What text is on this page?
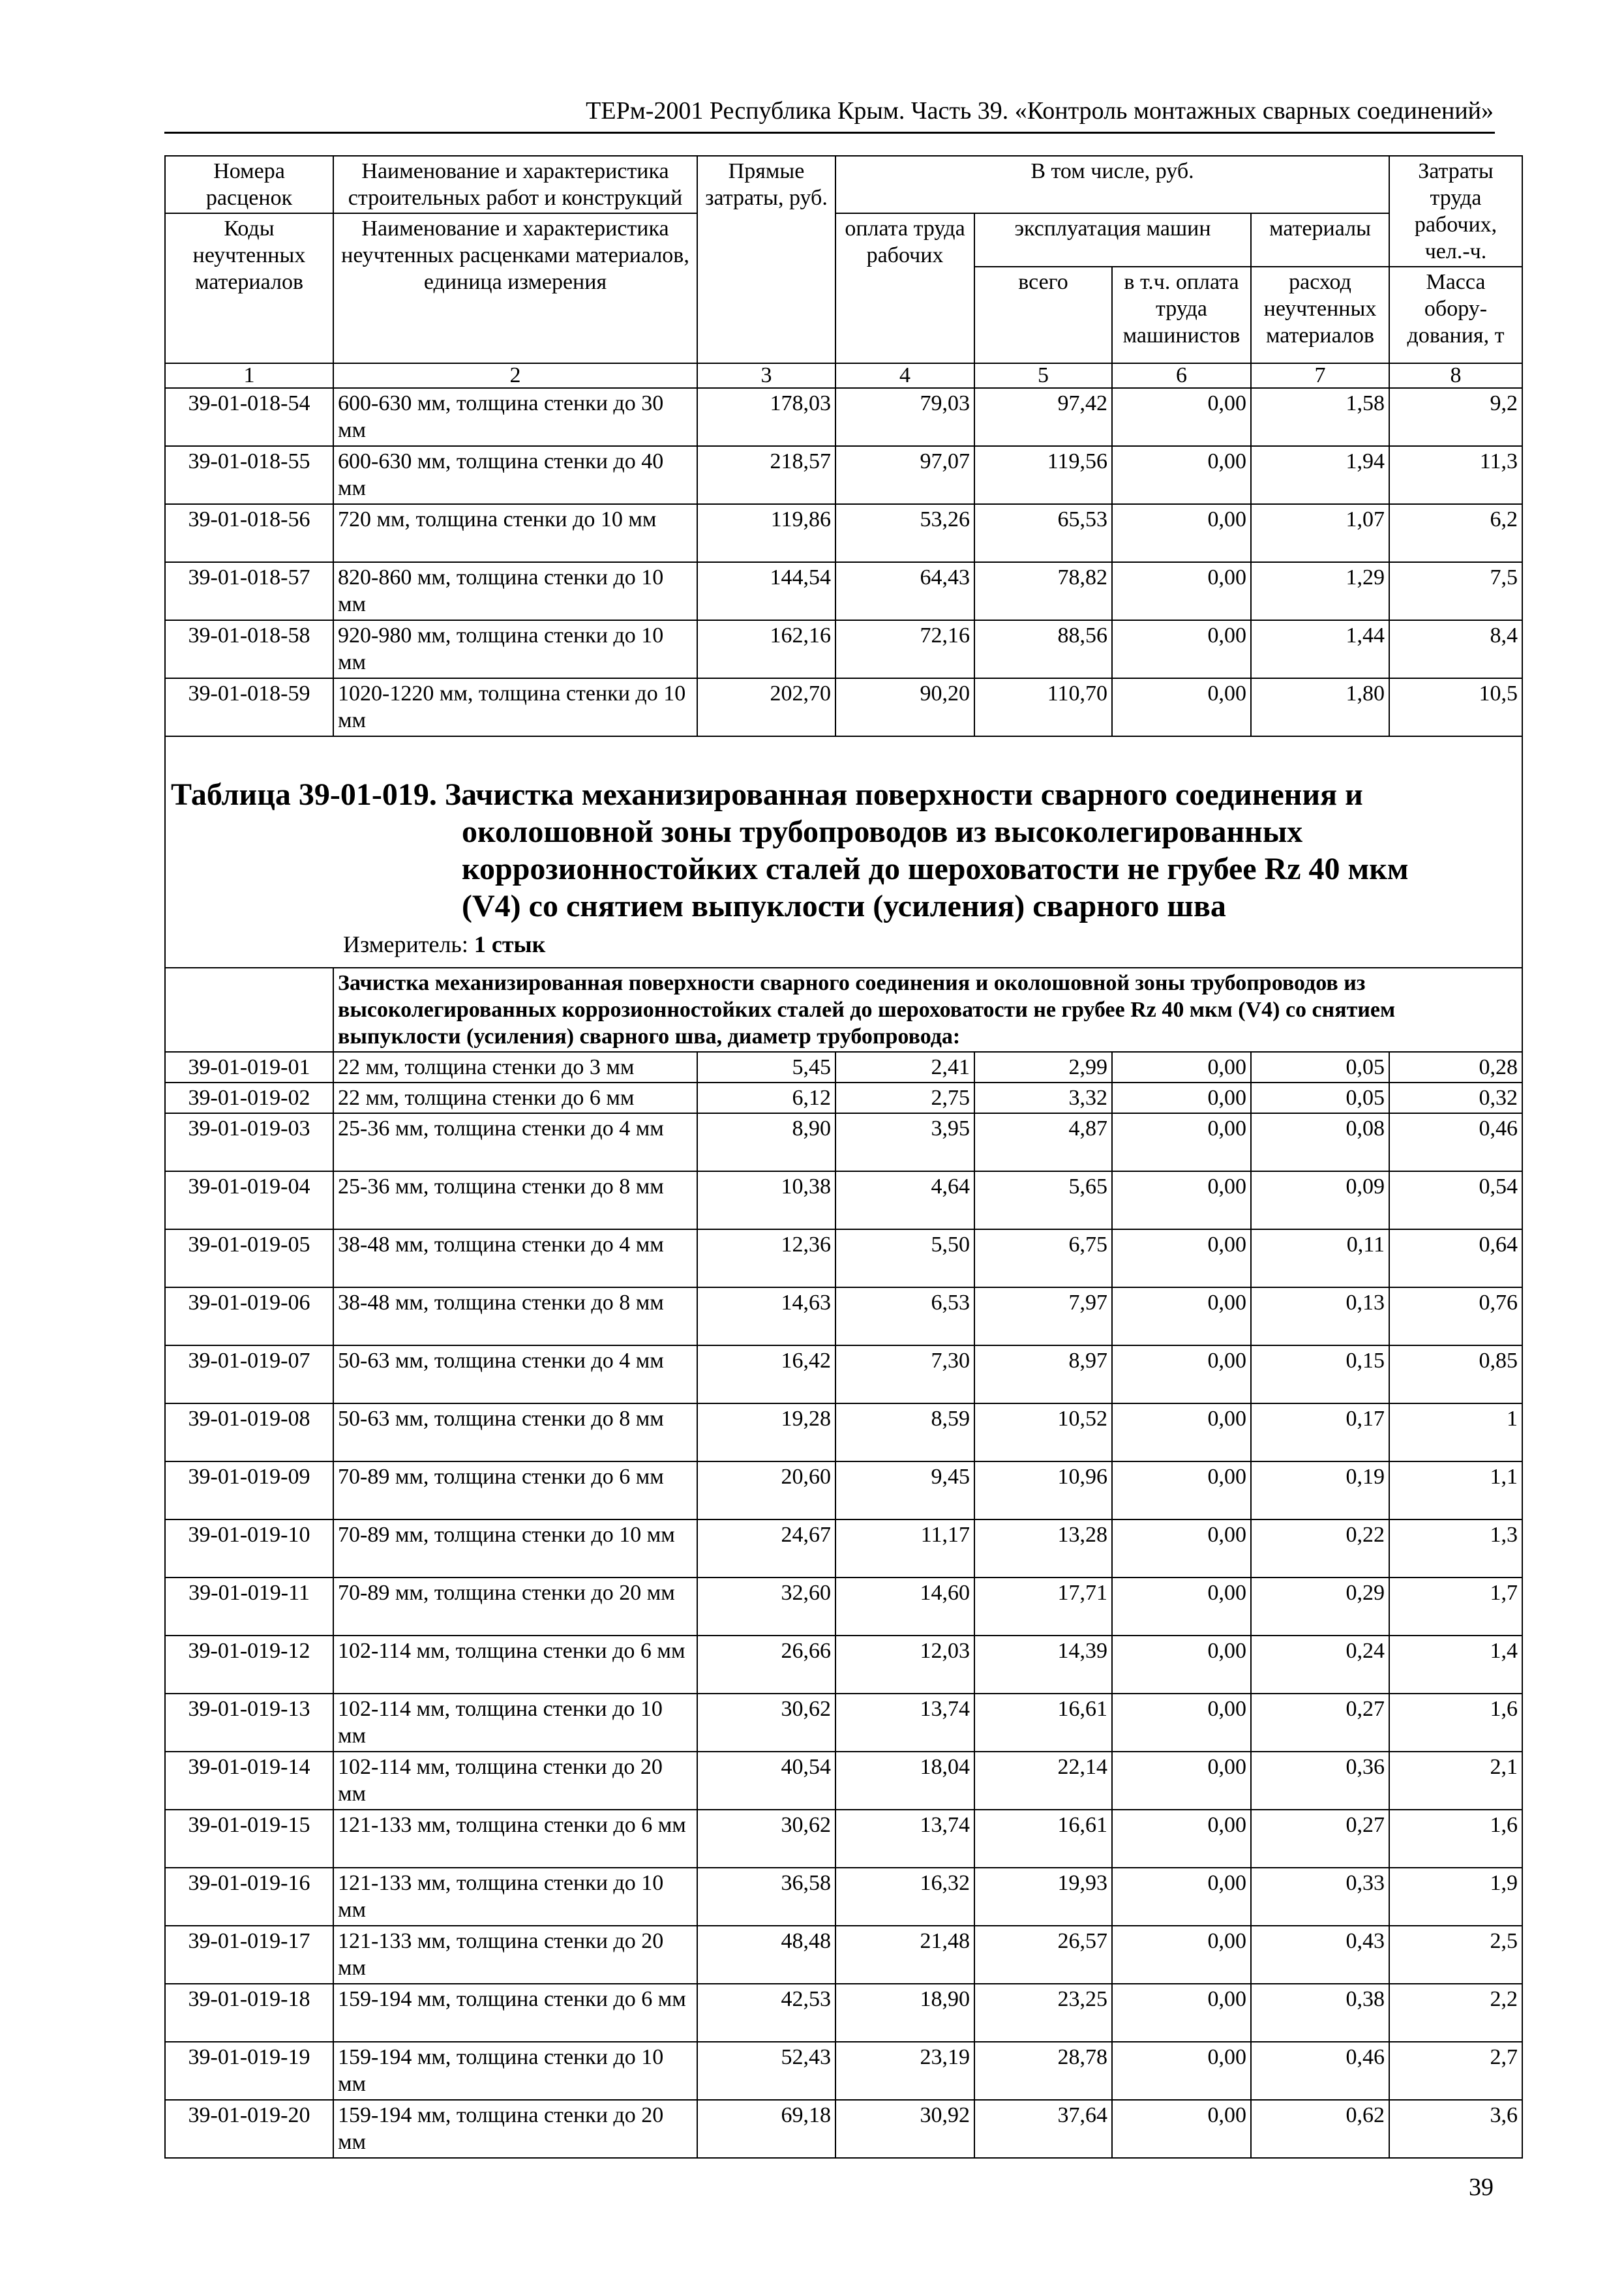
ТЕРм-2001 Республика Крым. Часть 39. «Контроль монтажных сварных соединений»
Номера расценок	Наименование и характеристика строительных работ и конструкций	Прямые затраты, руб.	В том числе, руб.				Затраты труда рабочих, чел.-ч.
Коды неучтенных материалов	Наименование и характеристика неучтенных расценками материалов, единица измерения		оплата труда рабочих	эксплуатация машин		материалы	
				всего	в т.ч. оплата труда машинистов	расход неучтенных материалов	Масса обору-дования, т
1	2	3	4	5	6	7	8
39-01-018-54	600-630 мм, толщина стенки до 30 мм	178,03	79,03	97,42	0,00	1,58	9,2
39-01-018-55	600-630 мм, толщина стенки до 40 мм	218,57	97,07	119,56	0,00	1,94	11,3
39-01-018-56	720 мм, толщина стенки до 10 мм	119,86	53,26	65,53	0,00	1,07	6,2
39-01-018-57	820-860 мм, толщина стенки до 10 мм	144,54	64,43	78,82	0,00	1,29	7,5
39-01-018-58	920-980 мм, толщина стенки до 10 мм	162,16	72,16	88,56	0,00	1,44	8,4
39-01-018-59	1020-1220 мм, толщина стенки до 10 мм	202,70	90,20	110,70	0,00	1,80	10,5

Таблица 39-01-019. Зачистка механизированная поверхности сварного соединения и
околошовной зоны трубопроводов из высоколегированных
коррозионностойких сталей до шероховатости не грубее Rz 40 мкм
(V4) со снятием выпуклости (усиления) сварного шва
Измеритель: 1 стык							

	Зачистка механизированная поверхности сварного соединения и околошовной зоны трубопроводов из высоколегированных коррозионностойких сталей до шероховатости не грубее Rz 40 мкм (V4) со снятием выпуклости (усиления) сварного шва, диаметр трубопровода:						
39-01-019-01	22 мм, толщина стенки до 3 мм	5,45	2,41	2,99	0,00	0,05	0,28
39-01-019-02	22 мм, толщина стенки до 6 мм	6,12	2,75	3,32	0,00	0,05	0,32
39-01-019-03	25-36 мм, толщина стенки до 4 мм	8,90	3,95	4,87	0,00	0,08	0,46
39-01-019-04	25-36 мм, толщина стенки до 8 мм	10,38	4,64	5,65	0,00	0,09	0,54
39-01-019-05	38-48 мм, толщина стенки до 4 мм	12,36	5,50	6,75	0,00	0,11	0,64
39-01-019-06	38-48 мм, толщина стенки до 8 мм	14,63	6,53	7,97	0,00	0,13	0,76
39-01-019-07	50-63 мм, толщина стенки до 4 мм	16,42	7,30	8,97	0,00	0,15	0,85
39-01-019-08	50-63 мм, толщина стенки до 8 мм	19,28	8,59	10,52	0,00	0,17	1
39-01-019-09	70-89 мм, толщина стенки до 6 мм	20,60	9,45	10,96	0,00	0,19	1,1
39-01-019-10	70-89 мм, толщина стенки до 10 мм	24,67	11,17	13,28	0,00	0,22	1,3
39-01-019-11	70-89 мм, толщина стенки до 20 мм	32,60	14,60	17,71	0,00	0,29	1,7
39-01-019-12	102-114 мм, толщина стенки до 6 мм	26,66	12,03	14,39	0,00	0,24	1,4
39-01-019-13	102-114 мм, толщина стенки до 10 мм	30,62	13,74	16,61	0,00	0,27	1,6
39-01-019-14	102-114 мм, толщина стенки до 20 мм	40,54	18,04	22,14	0,00	0,36	2,1
39-01-019-15	121-133 мм, толщина стенки до 6 мм	30,62	13,74	16,61	0,00	0,27	1,6
39-01-019-16	121-133 мм, толщина стенки до 10 мм	36,58	16,32	19,93	0,00	0,33	1,9
39-01-019-17	121-133 мм, толщина стенки до 20 мм	48,48	21,48	26,57	0,00	0,43	2,5
39-01-019-18	159-194 мм, толщина стенки до 6 мм	42,53	18,90	23,25	0,00	0,38	2,2
39-01-019-19	159-194 мм, толщина стенки до 10 мм	52,43	23,19	28,78	0,00	0,46	2,7
39-01-019-20	159-194 мм, толщина стенки до 20 мм	69,18	30,92	37,64	0,00	0,62	3,6
39
